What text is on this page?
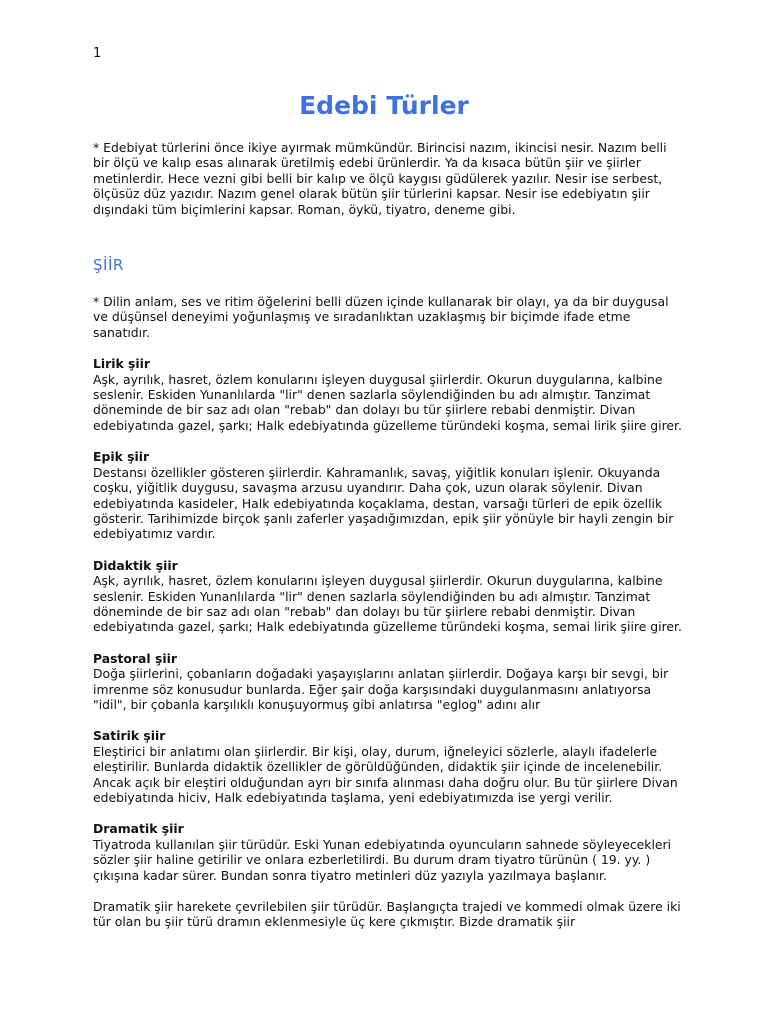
1
Edebi Türler

* Edebiyat türlerini önce ikiye ayırmak mümkündür. Birincisi nazım, ikincisi nesir. Nazım belli bir ölçü ve kalıp esas alınarak üretilmiş edebi ürünlerdir. Ya da kısaca bütün şiir ve şiirler metinlerdir. Hece vezni gibi belli bir kalıp ve ölçü kaygısı güdülerek yazılır. Nesir ise serbest, ölçüsüz düz yazıdır. Nazım genel olarak bütün şiir türlerini kapsar. Nesir ise edebiyatın şiir dışındaki tüm biçimlerini kapsar. Roman, öykü, tiyatro, deneme gibi.

ŞİİR

* Dilin anlam, ses ve ritim öğelerini belli düzen içinde kullanarak bir olayı, ya da bir duygusal ve düşünsel deneyimi yoğunlaşmış ve sıradanlıktan uzaklaşmış bir biçimde ifade etme sanatıdır.

Lirik şiir
Aşk, ayrılık, hasret, özlem konularını işleyen duygusal şiirlerdir. Okurun duygularına, kalbine seslenir. Eskiden Yunanlılarda "lir" denen sazlarla söylendiğinden bu adı almıştır. Tanzimat döneminde de bir saz adı olan "rebab" dan dolayı bu tür şiirlere rebabi denmiştir. Divan edebiyatında gazel, şarkı; Halk edebiyatında güzelleme türündeki koşma, semai lirik şiire girer.
Epik şiir
Destansı özellikler gösteren şiirlerdir. Kahramanlık, savaş, yiğitlik konuları işlenir. Okuyanda coşku, yiğitlik duygusu, savaşma arzusu uyandırır. Daha çok, uzun olarak söylenir. Divan edebiyatında kasideler, Halk edebiyatında koçaklama, destan, varsağı türleri de epik özellik gösterir. Tarihimizde birçok şanlı zaferler yaşadığımızdan, epik şiir yönüyle bir hayli zengin bir edebiyatımız vardır.
Didaktik şiir
Aşk, ayrılık, hasret, özlem konularını işleyen duygusal şiirlerdir. Okurun duygularına, kalbine seslenir. Eskiden Yunanlılarda "lir" denen sazlarla söylendiğinden bu adı almıştır. Tanzimat döneminde de bir saz adı olan "rebab" dan dolayı bu tür şiirlere rebabi denmiştir. Divan edebiyatında gazel, şarkı; Halk edebiyatında güzelleme türündeki koşma, semai lirik şiire girer.
Pastoral şiir
Doğa şiirlerini, çobanların doğadaki yaşayışlarını anlatan şiirlerdir. Doğaya karşı bir sevgi, bir imrenme söz konusudur bunlarda. Eğer şair doğa karşısındaki duygulanmasını anlatıyorsa "idil", bir çobanla karşılıklı konuşuyormuş gibi anlatırsa "eglog" adını alır
Satirik şiir
Eleştirici bir anlatımı olan şiirlerdir. Bir kişi, olay, durum, iğneleyici sözlerle, alaylı ifadelerle eleştirilir. Bunlarda didaktik özellikler de görüldüğünden, didaktik şiir içinde de incelenebilir. Ancak açık bir eleştiri olduğundan ayrı bir sınıfa alınması daha doğru olur. Bu tür şiirlere Divan edebiyatında hiciv, Halk edebiyatında taşlama, yeni edebiyatımızda ise yergi verilir.
Dramatik şiir
Tiyatroda kullanılan şiir türüdür. Eski Yunan edebiyatında oyuncuların sahnede söyleyecekleri sözler şiir haline getirilir ve onlara ezberletilirdi. Bu durum dram tiyatro türünün ( 19. yy. ) çıkışına kadar sürer. Bundan sonra tiyatro metinleri düz yazıyla yazılmaya başlanır.

Dramatik şiir harekete çevrilebilen şiir türüdür. Başlangıçta trajedi ve kommedi olmak üzere iki tür olan bu şiir türü dramın eklenmesiyle üç kere çıkmıştır. Bizde dramatik şiir
